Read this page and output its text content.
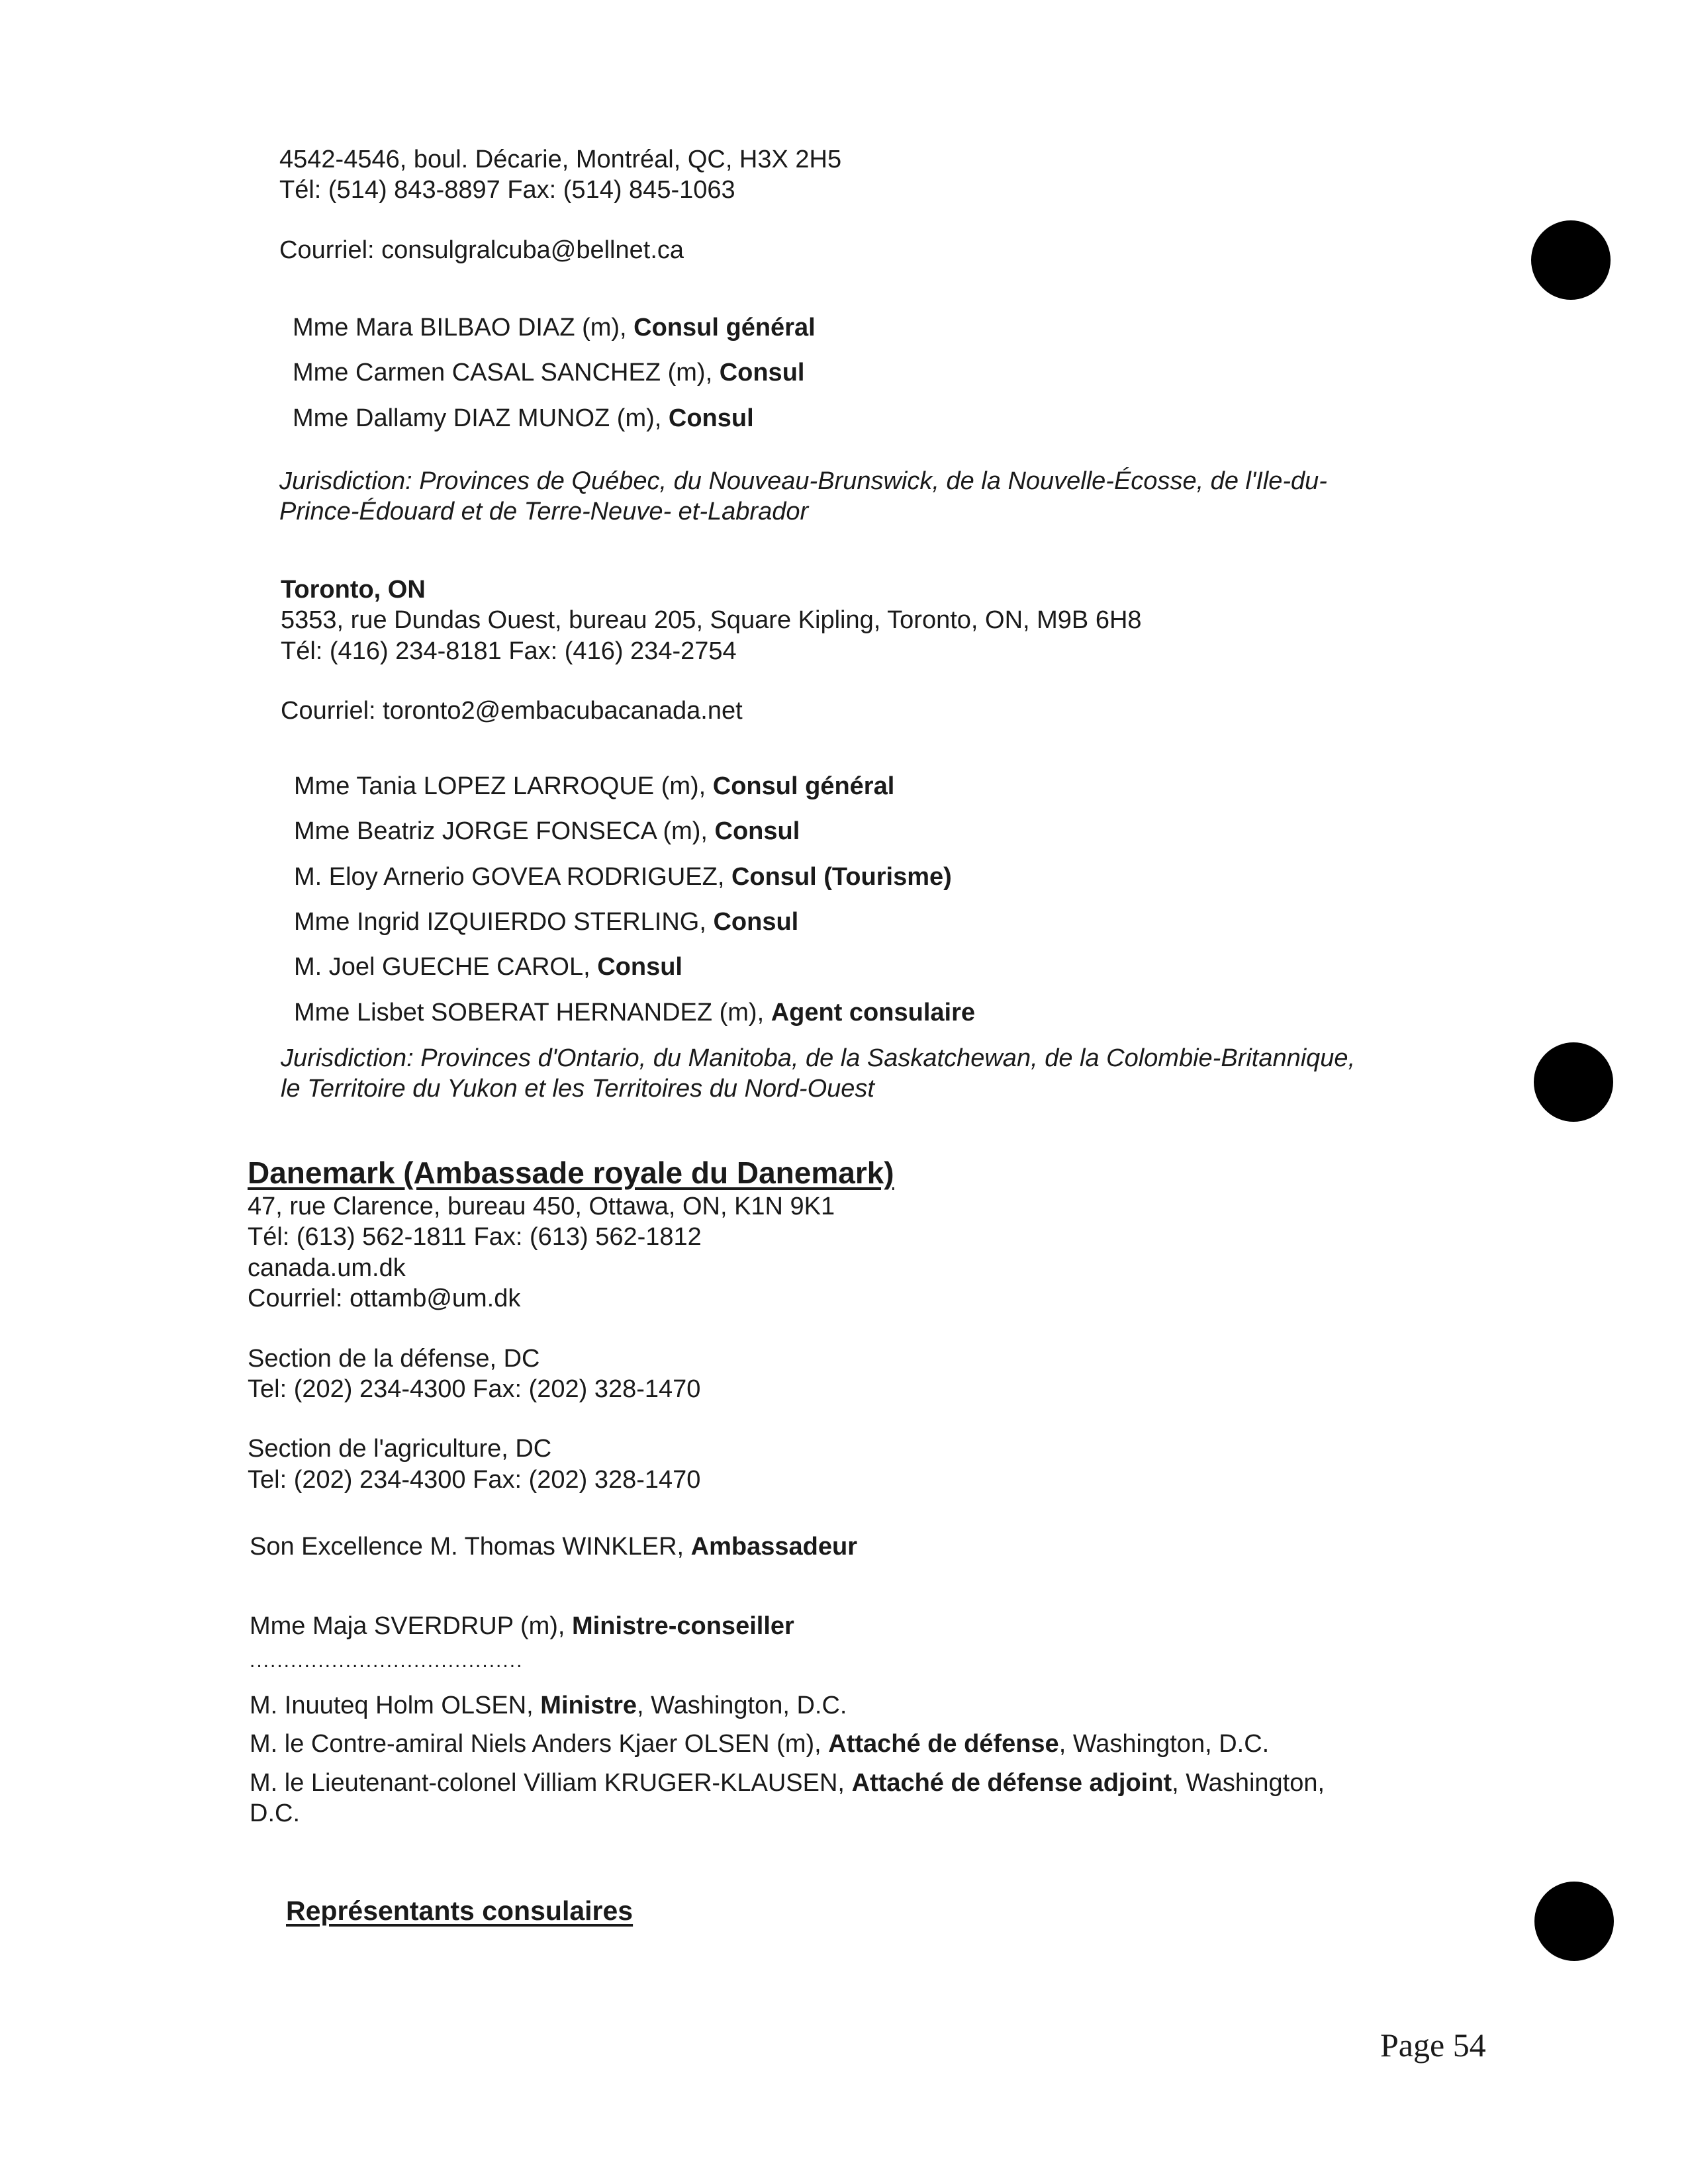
4542-4546, boul. Décarie, Montréal, QC, H3X 2H5
Tél: (514) 843-8897 Fax: (514) 845-1063
Courriel: consulgralcuba@bellnet.ca
Mme Mara BILBAO DIAZ (m), Consul général
Mme Carmen CASAL SANCHEZ (m), Consul
Mme Dallamy DIAZ MUNOZ (m), Consul
Jurisdiction: Provinces de Québec, du Nouveau-Brunswick, de la Nouvelle-Écosse, de l'Ile-du-
Prince-Édouard et de Terre-Neuve- et-Labrador
Toronto, ON
5353, rue Dundas Ouest, bureau 205, Square Kipling, Toronto, ON, M9B 6H8
Tél: (416) 234-8181 Fax: (416) 234-2754
Courriel: toronto2@embacubacanada.net
Mme Tania LOPEZ LARROQUE (m), Consul général
Mme Beatriz JORGE FONSECA (m), Consul
M. Eloy Arnerio GOVEA RODRIGUEZ, Consul (Tourisme)
Mme Ingrid IZQUIERDO STERLING, Consul
M. Joel GUECHE CAROL, Consul
Mme Lisbet SOBERAT HERNANDEZ (m), Agent consulaire
Jurisdiction: Provinces d'Ontario, du Manitoba, de la Saskatchewan, de la Colombie-Britannique,
le Territoire du Yukon et les Territoires du Nord-Ouest
Danemark (Ambassade royale du Danemark)
47, rue Clarence, bureau 450, Ottawa, ON, K1N 9K1
Tél: (613) 562-1811 Fax: (613) 562-1812
canada.um.dk
Courriel: ottamb@um.dk
Section de la défense, DC
Tel: (202) 234-4300 Fax: (202) 328-1470
Section de l'agriculture, DC
Tel: (202) 234-4300 Fax: (202) 328-1470
Son Excellence M. Thomas WINKLER, Ambassadeur
Mme Maja SVERDRUP (m), Ministre-conseiller
........................................
M. Inuuteq Holm OLSEN, Ministre, Washington, D.C.
M. le Contre-amiral Niels Anders Kjaer OLSEN (m), Attaché de défense, Washington, D.C.
M. le Lieutenant-colonel Villiam KRUGER-KLAUSEN, Attaché de défense adjoint, Washington,
D.C.
Représentants consulaires
Page 54
